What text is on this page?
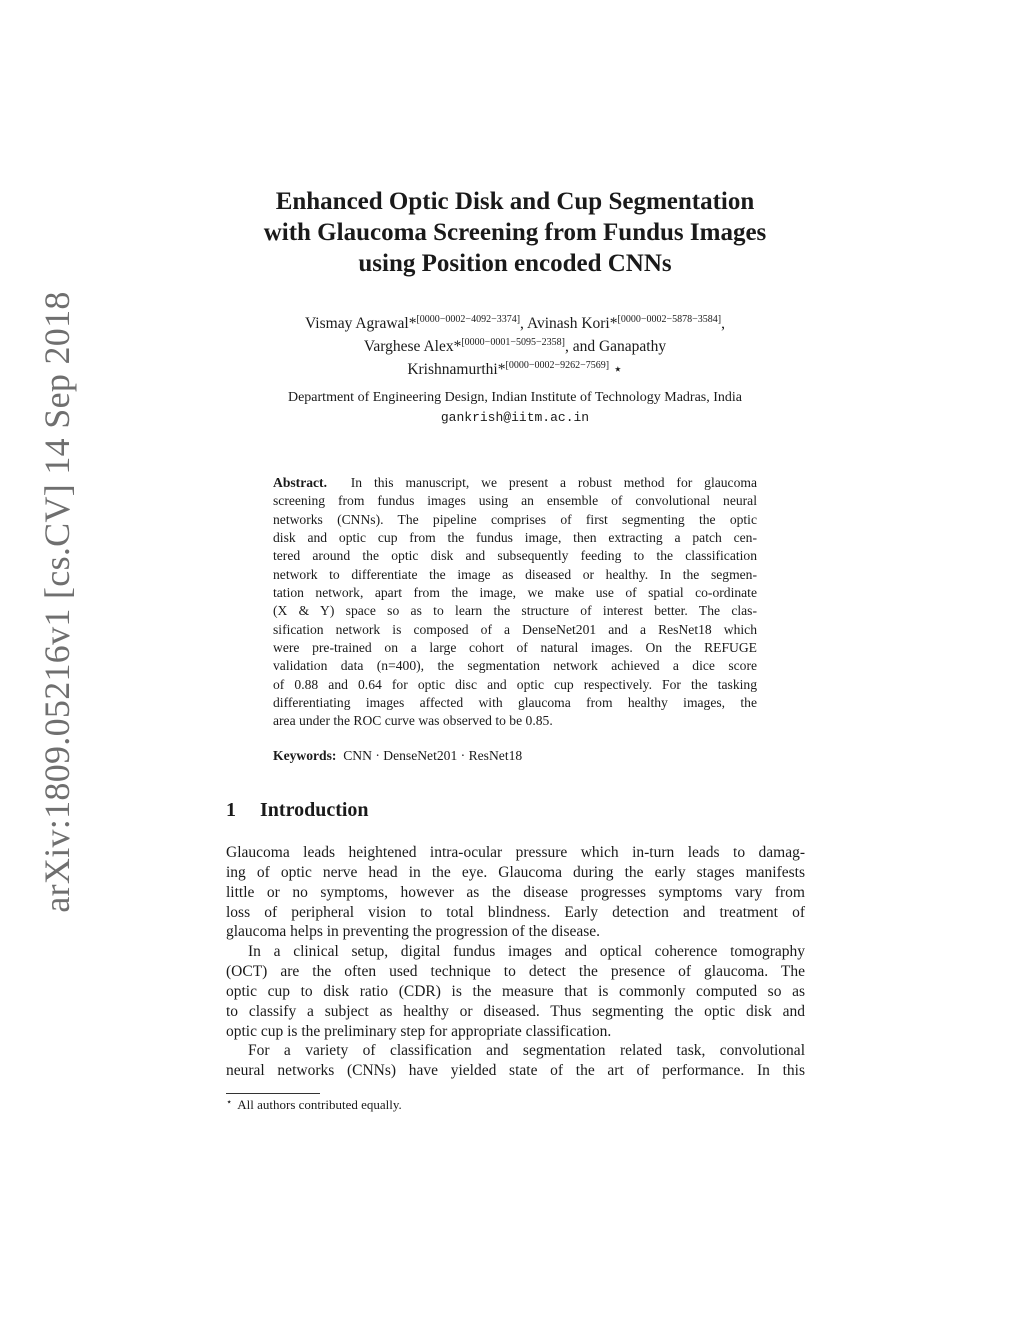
arXiv:1809.05216v1 [cs.CV] 14 Sep 2018
Enhanced Optic Disk and Cup Segmentation
with Glaucoma Screening from Fundus Images
using Position encoded CNNs
Vismay Agrawal*[0000−0002−4092−3374], Avinash Kori*[0000−0002−5878−3584],
Varghese Alex*[0000−0001−5095−2358], and Ganapathy
Krishnamurthi*[0000−0002−9262−7569] ⋆
Department of Engineering Design, Indian Institute of Technology Madras, India
gankrish@iitm.ac.in
Abstract. In this manuscript, we present a robust method for glaucoma
screening from fundus images using an ensemble of convolutional neural
networks (CNNs). The pipeline comprises of first segmenting the optic
disk and optic cup from the fundus image, then extracting a patch cen-
tered around the optic disk and subsequently feeding to the classification
network to differentiate the image as diseased or healthy. In the segmen-
tation network, apart from the image, we make use of spatial co-ordinate
(X & Y) space so as to learn the structure of interest better. The clas-
sification network is composed of a DenseNet201 and a ResNet18 which
were pre-trained on a large cohort of natural images. On the REFUGE
validation data (n=400), the segmentation network achieved a dice score
of 0.88 and 0.64 for optic disc and optic cup respectively. For the tasking
differentiating images affected with glaucoma from healthy images, the
area under the ROC curve was observed to be 0.85.
Keywords: CNN · DenseNet201 · ResNet18
1 Introduction
Glaucoma leads heightened intra-ocular pressure which in-turn leads to damag-
ing of optic nerve head in the eye. Glaucoma during the early stages manifests
little or no symptoms, however as the disease progresses symptoms vary from
loss of peripheral vision to total blindness. Early detection and treatment of
glaucoma helps in preventing the progression of the disease.
In a clinical setup, digital fundus images and optical coherence tomography
(OCT) are the often used technique to detect the presence of glaucoma. The
optic cup to disk ratio (CDR) is the measure that is commonly computed so as
to classify a subject as healthy or diseased. Thus segmenting the optic disk and
optic cup is the preliminary step for appropriate classification.
For a variety of classification and segmentation related task, convolutional
neural networks (CNNs) have yielded state of the art of performance. In this
⋆ All authors contributed equally.
